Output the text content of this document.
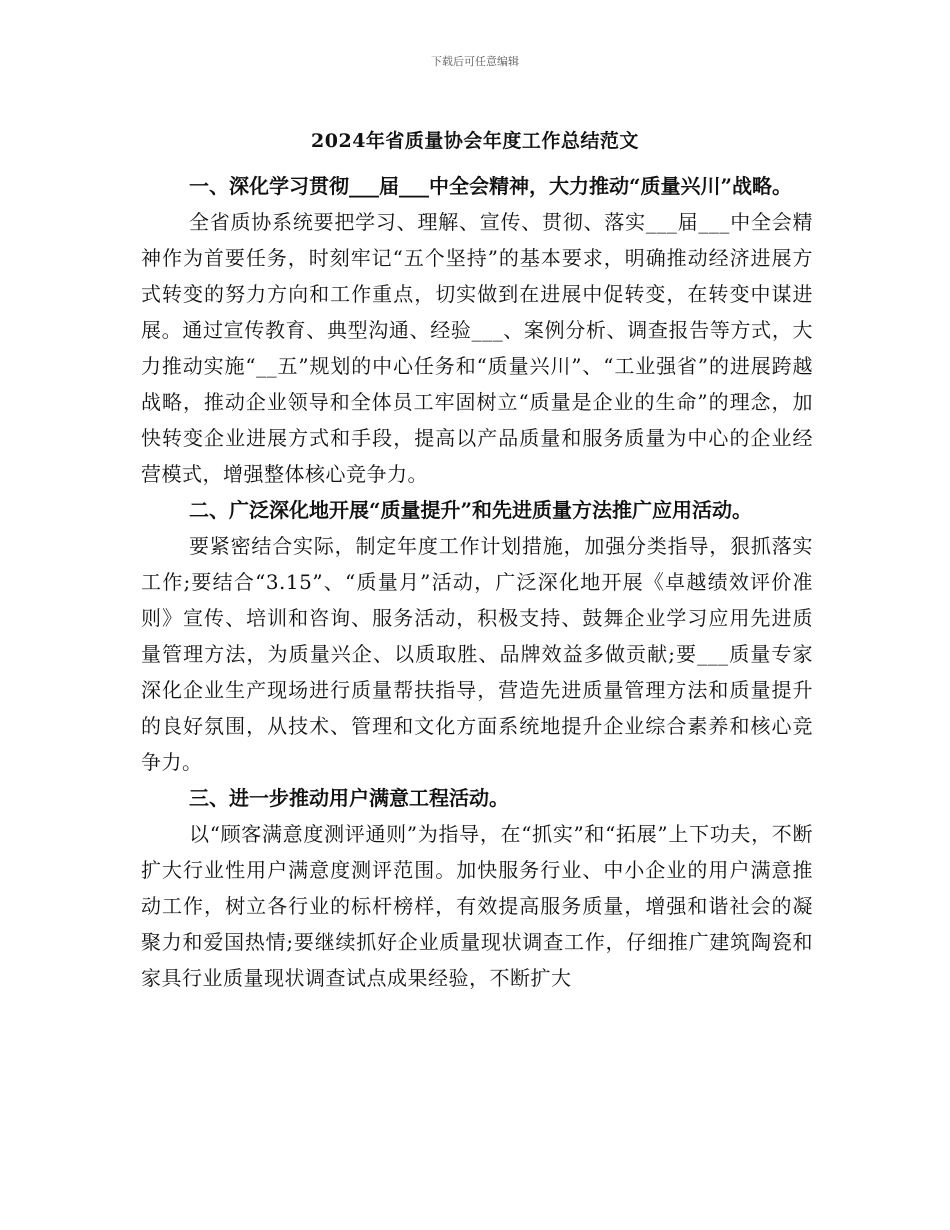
下载后可任意编辑
2024年省质量协会年度工作总结范文

一、深化学习贯彻___届___中全会精神，大力推动“质量兴川”战略。

全省质协系统要把学习、理解、宣传、贯彻、落实___届___中全会精神作为首要任务，时刻牢记“五个坚持”的基本要求，明确推动经济进展方式转变的努力方向和工作重点，切实做到在进展中促转变，在转变中谋进展。通过宣传教育、典型沟通、经验___、案例分析、调查报告等方式，大力推动实施“__五”规划的中心任务和“质量兴川”、“工业强省”的进展跨越战略，推动企业领导和全体员工牢固树立“质量是企业的生命”的理念，加快转变企业进展方式和手段，提高以产品质量和服务质量为中心的企业经营模式，增强整体核心竞争力。

二、广泛深化地开展“质量提升”和先进质量方法推广应用活动。

要紧密结合实际，制定年度工作计划措施，加强分类指导，狠抓落实工作;要结合“3.15”、“质量月”活动，广泛深化地开展《卓越绩效评价准则》宣传、培训和咨询、服务活动，积极支持、鼓舞企业学习应用先进质量管理方法，为质量兴企、以质取胜、品牌效益多做贡献;要___质量专家深化企业生产现场进行质量帮扶指导，营造先进质量管理方法和质量提升的良好氛围，从技术、管理和文化方面系统地提升企业综合素养和核心竞争力。

三、进一步推动用户满意工程活动。

以“顾客满意度测评通则”为指导，在“抓实”和“拓展”上下功夫，不断扩大行业性用户满意度测评范围。加快服务行业、中小企业的用户满意推动工作，树立各行业的标杆榜样，有效提高服务质量，增强和谐社会的凝聚力和爱国热情;要继续抓好企业质量现状调查工作，仔细推广建筑陶瓷和家具行业质量现状调查试点成果经验，不断扩大
